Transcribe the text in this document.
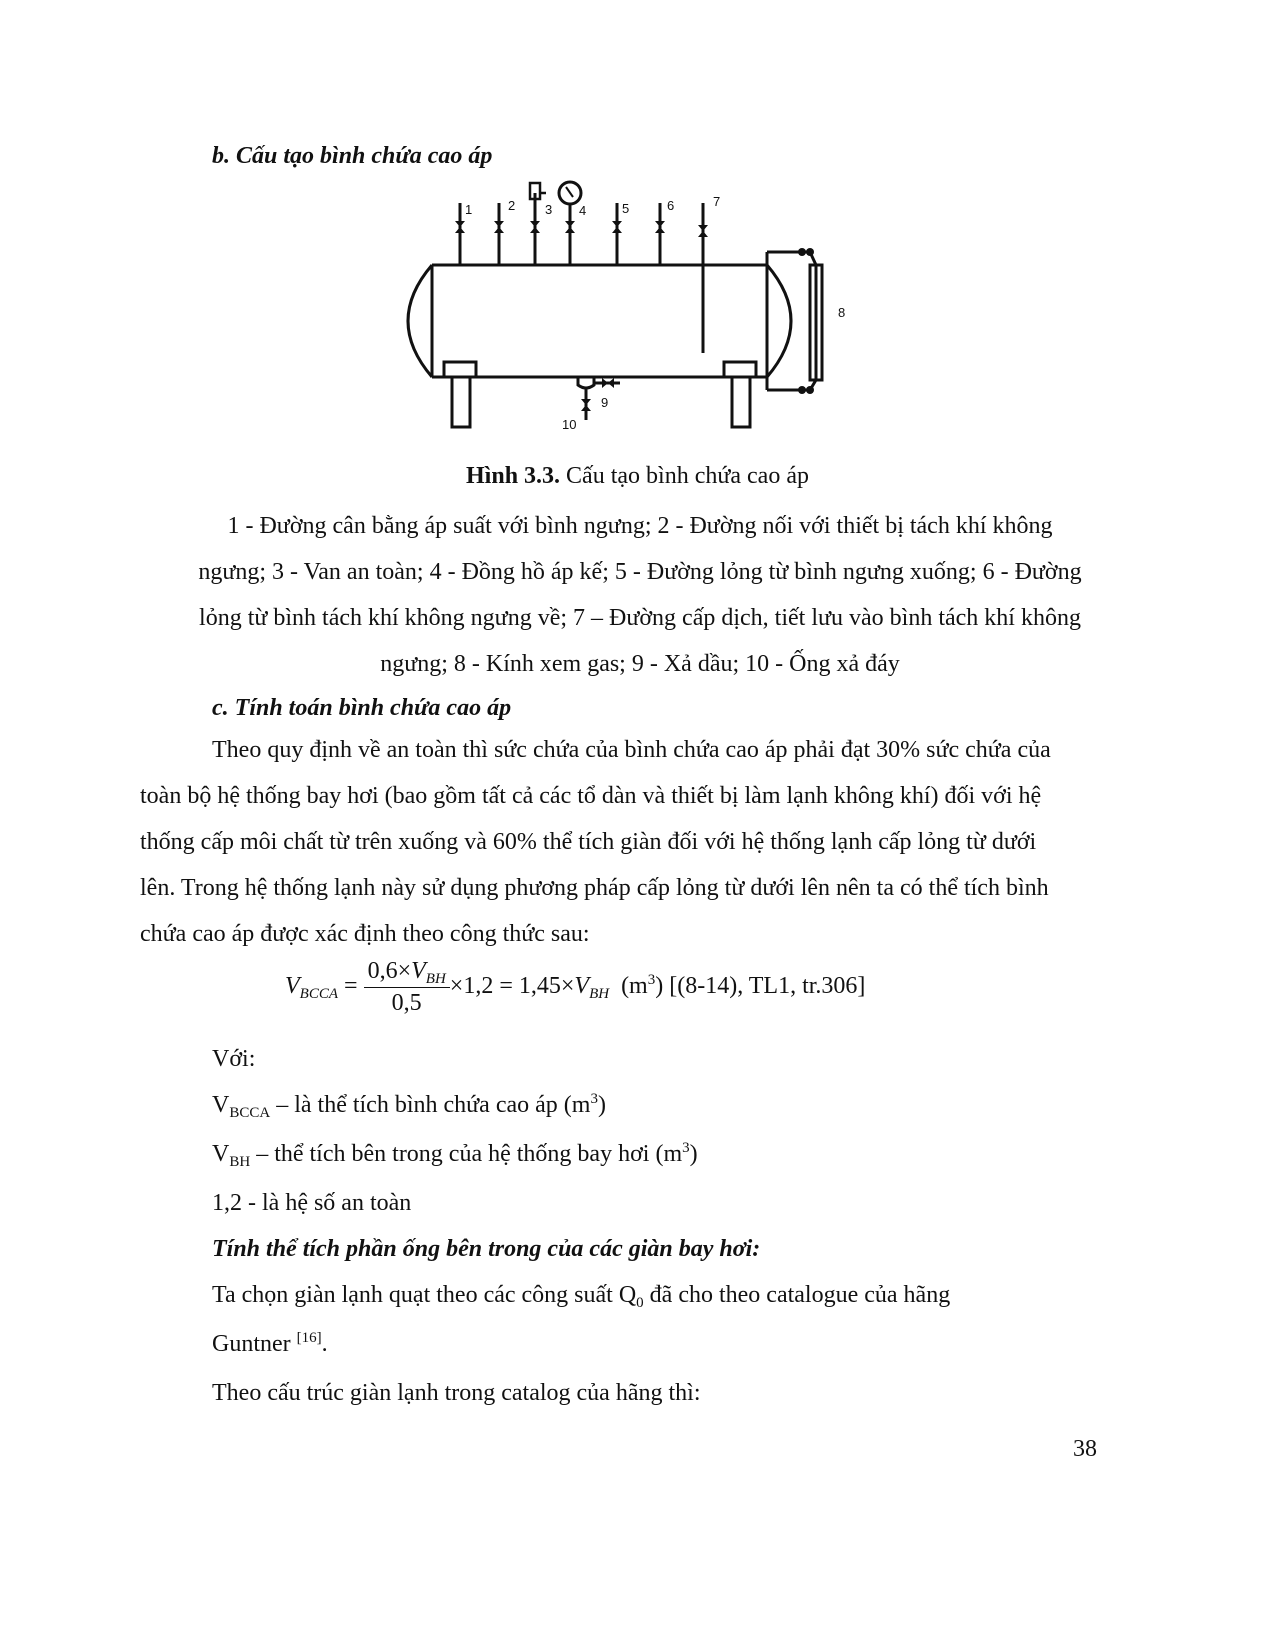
b. Cấu tạo bình chứa cao áp
1	2 3 4	5	6	7
8
9
10
Hình 3.3. Cấu tạo bình chứa cao áp
1 - Đường cân bằng áp suất với bình ngưng; 2 - Đường nối với thiết bị tách khí không
ngưng; 3 - Van an toàn; 4 - Đồng hồ áp kế; 5 - Đường lỏng từ bình ngưng xuống; 6 - Đường
lỏng từ bình tách khí không ngưng về; 7 – Đường cấp dịch, tiết lưu vào bình tách khí không
ngưng; 8 - Kính xem gas; 9 - Xả dầu; 10 - Ống xả đáy
c. Tính toán bình chứa cao áp
Theo quy định về an toàn thì sức chứa của bình chứa cao áp phải đạt 30% sức chứa của
toàn bộ hệ thống bay hơi (bao gồm tất cả các tổ dàn và thiết bị làm lạnh không khí) đối với hệ
thống cấp môi chất từ trên xuống và 60% thể tích giàn đối với hệ thống lạnh cấp lỏng từ dưới
lên. Trong hệ thống lạnh này sử dụng phương pháp cấp lỏng từ dưới lên nên ta có thể tích bình
chứa cao áp được xác định theo công thức sau:
$V_{BCCA} = \frac{0,6\times V_{BH}}{0,5} \times 1,2 = 1,45\times V_{BH}$ $(m^3)$ [(8-14), TL1, tr.306]
Với:
$V_{BCCA}$ – là thể tích bình chứa cao áp $(m^3)$
$V_{BH}$ – thể tích bên trong của hệ thống bay hơi $(m^3)$
1,2 - là hệ số an toàn
Tính thể tích phần ống bên trong của các giàn bay hơi:
Ta chọn giàn lạnh quạt theo các công suất $Q_0$ đã cho theo catalogue của hãng
Guntner [16].
Theo cấu trúc giàn lạnh trong catalog của hãng thì:
38
